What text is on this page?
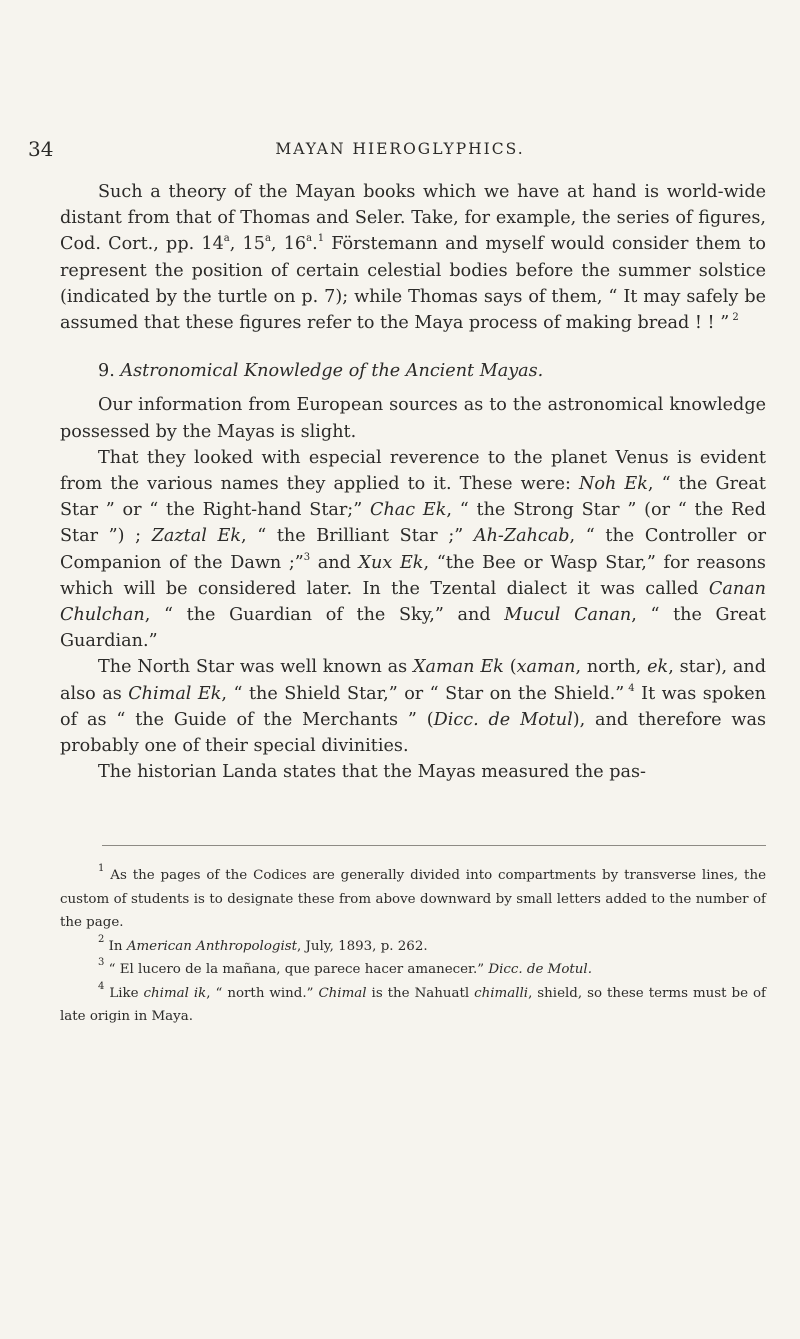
34	MAYAN HIEROGLYPHICS.

Such a theory of the Mayan books which we have at hand is world-wide distant from that of Thomas and Seler. Take, for example, the series of figures, Cod. Cort., pp. 14$^a$, 15$^a$, 16$^a$.$^1$ Förstemann and myself would consider them to represent the position of certain celestial bodies before the summer solstice (indicated by the turtle on p. 7); while Thomas says of them, “ It may safely be assumed that these figures refer to the Maya process of making bread ! ! ” $^2$

9. Astronomical Knowledge of the Ancient Mayas.

Our information from European sources as to the astronomical knowledge possessed by the Mayas is slight.

That they looked with especial reverence to the planet Venus is evident from the various names they applied to it. These were: Noh Ek, “ the Great Star ” or “ the Right-hand Star;” Chac Ek, “ the Strong Star ” (or “ the Red Star ”) ; Zaztal Ek, “ the Brilliant Star ;” Ah-Zahcab, “ the Controller or Companion of the Dawn ;”$^3$ and Xux Ek, “the Bee or Wasp Star,” for reasons which will be considered later. In the Tzental dialect it was called Canan Chulchan, “ the Guardian of the Sky,” and Mucul Canan, “ the Great Guardian.”

The North Star was well known as Xaman Ek (xaman, north, ek, star), and also as Chimal Ek, “ the Shield Star,” or “ Star on the Shield.” $^4$ It was spoken of as “ the Guide of the Merchants ” (Dicc. de Motul), and therefore was probably one of their special divinities.

The historian Landa states that the Mayas measured the pas-

$^1$ As the pages of the Codices are generally divided into compartments by transverse lines, the custom of students is to designate these from above downward by small letters added to the number of the page.

$^2$ In American Anthropologist, July, 1893, p. 262.

$^3$ “ El lucero de la mañana, que parece hacer amanecer.” Dicc. de Motul.

$^4$ Like chimal ik, “ north wind.” Chimal is the Nahuatl chimalli, shield, so these terms must be of late origin in Maya.
